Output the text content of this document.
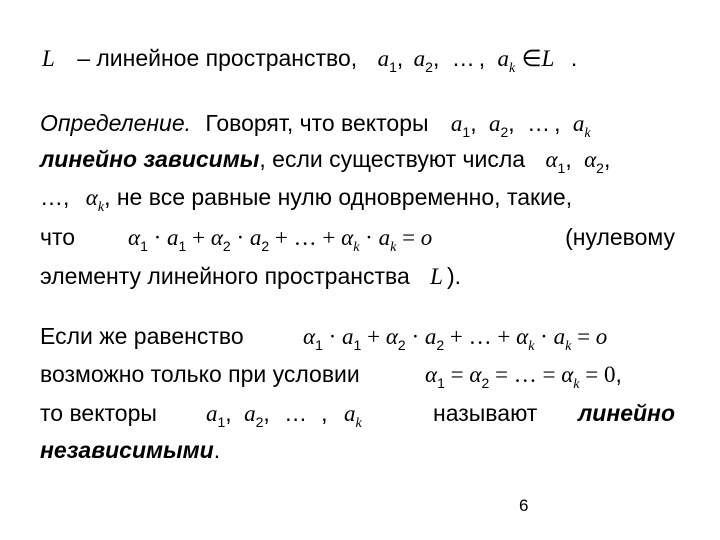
L – линейное пространство, $a_1$, $a_2$, … , $a_k$ ∈L .
Определение. Говорят, что векторы $a_1$, $a_2$, … , $a_k$
линейно зависимы, если существуют числа $\alpha_1$, $\alpha_2$,
…, $\alpha_k$, не все равные нулю одновременно, такие,
что $\alpha_1 \cdot a_1 + \alpha_2 \cdot a_2$ + … + $\alpha_k \cdot a_k = o$	(нулевому
элементу линейного пространства L ).
Если же равенство	$\alpha_1 \cdot a_1 + \alpha_2 \cdot a_2$ + … + $\alpha_k \cdot a_k = o$
возможно только при условии	$\alpha_1 = \alpha_2$ = … = $\alpha_k = 0$,
то векторы $a_1$, $a_2$, … , $a_k$	называют линейно
независимыми.
6
